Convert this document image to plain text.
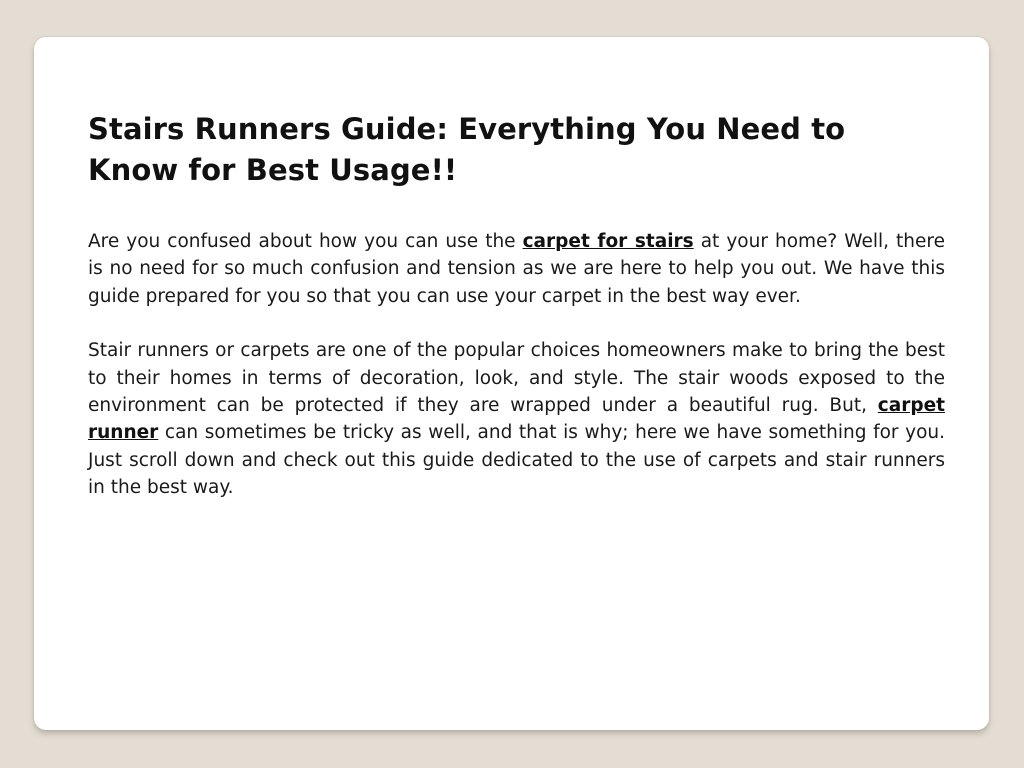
Stairs Runners Guide: Everything You Need to Know for Best Usage!!

Are you confused about how you can use the carpet for stairs at your home? Well, there is no need for so much confusion and tension as we are here to help you out. We have this guide prepared for you so that you can use your carpet in the best way ever.

Stair runners or carpets are one of the popular choices homeowners make to bring the best to their homes in terms of decoration, look, and style. The stair woods exposed to the environment can be protected if they are wrapped under a beautiful rug. But, carpet runner can sometimes be tricky as well, and that is why; here we have something for you. Just scroll down and check out this guide dedicated to the use of carpets and stair runners in the best way.
